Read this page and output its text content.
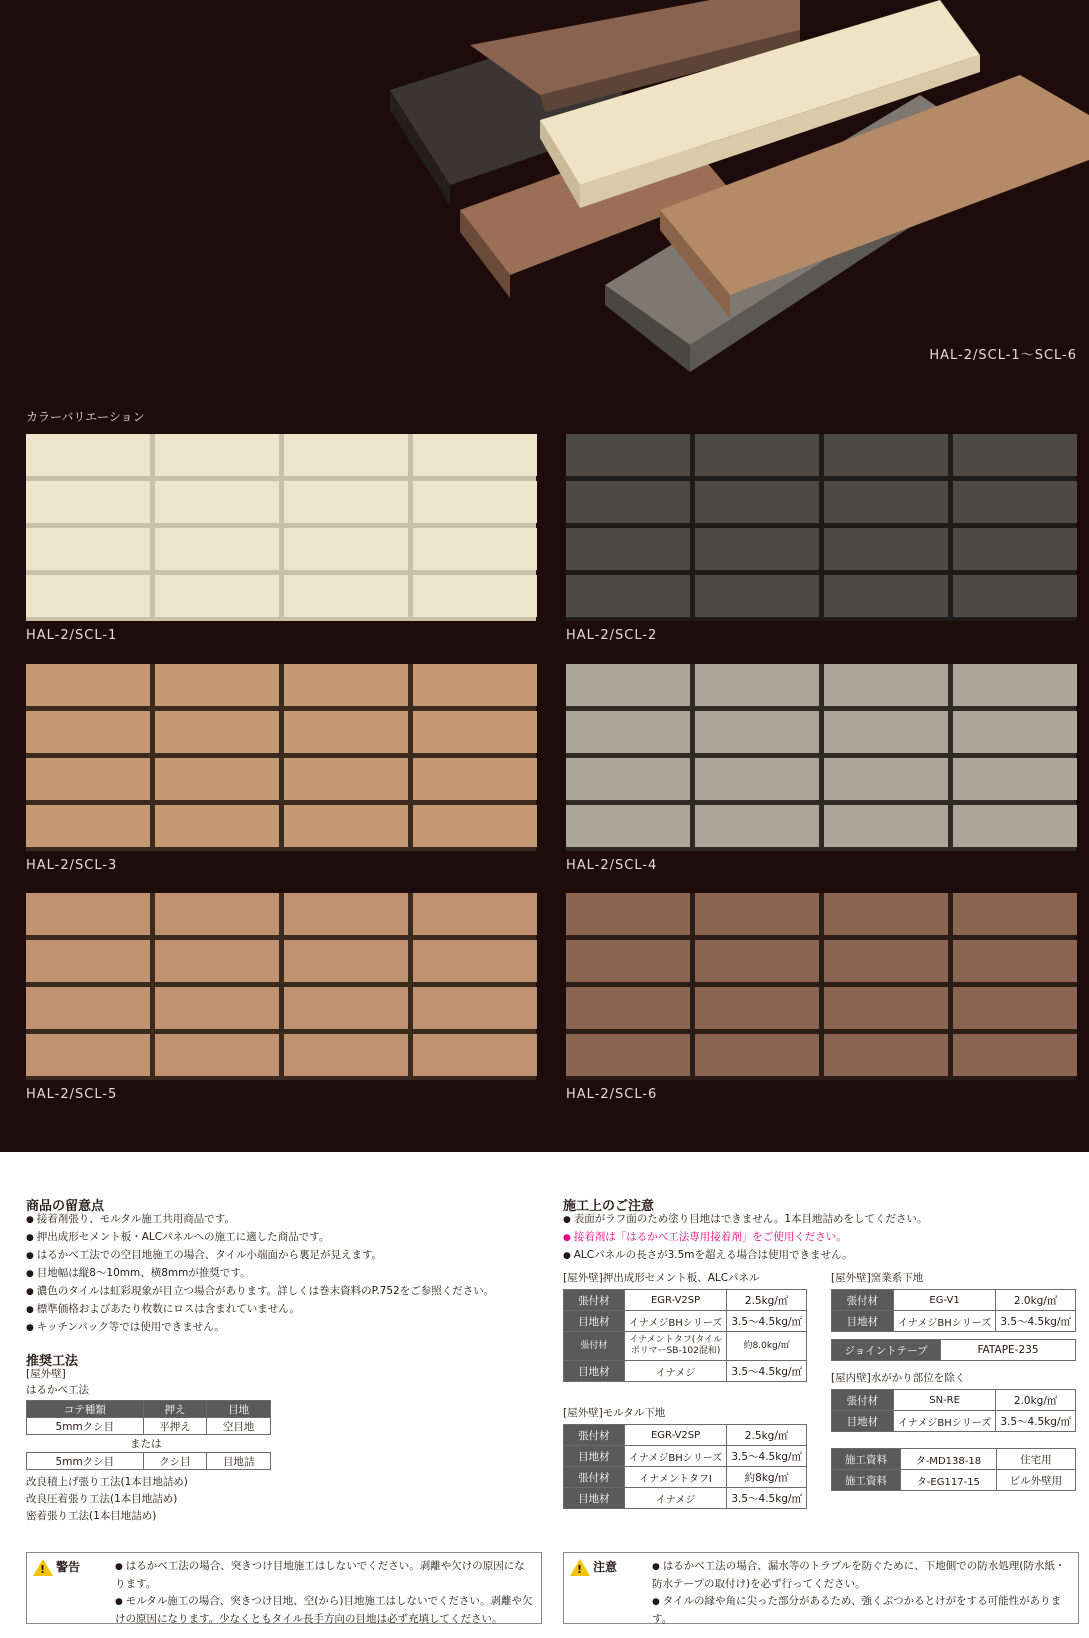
HAL-2/SCL-1〜SCL-6
カラーバリエーション
HAL-2/SCL-1	HAL-2/SCL-2
HAL-2/SCL-3	HAL-2/SCL-4
HAL-2/SCL-5	HAL-2/SCL-6
商品の留意点
● 接着剤張り、モルタル施工共用商品です。
● 押出成形セメント板・ALCパネルへの施工に適した商品です。
● はるかべ工法での空目地施工の場合、タイル小端面から裏足が見えます。
● 目地幅は縦8〜10mm、横8mmが推奨です。
● 濃色のタイルは虹彩現象が目立つ場合があります。詳しくは巻末資料のP.752をご参照ください。
● 標準価格およびあたり枚数にロスは含まれていません。
● キッチンパック等では使用できません。
推奨工法
[屋外壁]
はるかべ工法
コテ種類	押え	目地
5mmクシ目	平押え	空目地
または
5mmクシ目	クシ目	目地詰
改良積上げ張り工法(1本目地詰め)
改良圧着張り工法(1本目地詰め)
密着張り工法(1本目地詰め)
施工上のご注意
● 表面がラフ面のため塗り目地はできません。1本目地詰めをしてください。
● 接着剤は「はるかべ工法専用接着剤」をご使用ください。
● ALCパネルの長さが3.5mを超える場合は使用できません。
[屋外壁]押出成形セメント板、ALCパネル
張付材	EGR-V2SP	2.5kg/㎡
目地材	イナメジBHシリーズ	3.5〜4.5kg/㎡
張付材	イナメントタフ(タイルポリマーSB-102混和)	約8.0kg/㎡
目地材	イナメジ	3.5〜4.5kg/㎡
[屋外壁]モルタル下地
張付材	EGR-V2SP	2.5kg/㎡
目地材	イナメジBHシリーズ	3.5〜4.5kg/㎡
張付材	イナメントタフⅠ	約8kg/㎡
目地材	イナメジ	3.5〜4.5kg/㎡
[屋外壁]窯業系下地
張付材	EG-V1	2.0kg/㎡
目地材	イナメジBHシリーズ	3.5〜4.5kg/㎡
ジョイントテープ	FATAPE-235
[屋内壁]水がかり部位を除く
張付材	SN-RE	2.0kg/㎡
目地材	イナメジBHシリーズ	3.5〜4.5kg/㎡
施工資料	タ-MD138-18	住宅用
施工資料	タ-EG117-15	ビル外壁用
!
警告	● はるかべ工法の場合、突きつけ目地施工はしないでください。剥離や欠けの原因になります。
● モルタル施工の場合、突きつけ目地、空(から)目地施工はしないでください。剥離や欠けの原因になります。少なくともタイル長手方向の目地は必ず充填してください。
!
注意	● はるかべ工法の場合、漏水等のトラブルを防ぐために、下地側での防水処理(防水紙・防水テープの取付け)を必ず行ってください。
● タイルの縁や角に尖った部分があるため、強くぶつかるとけがをする可能性があります。
